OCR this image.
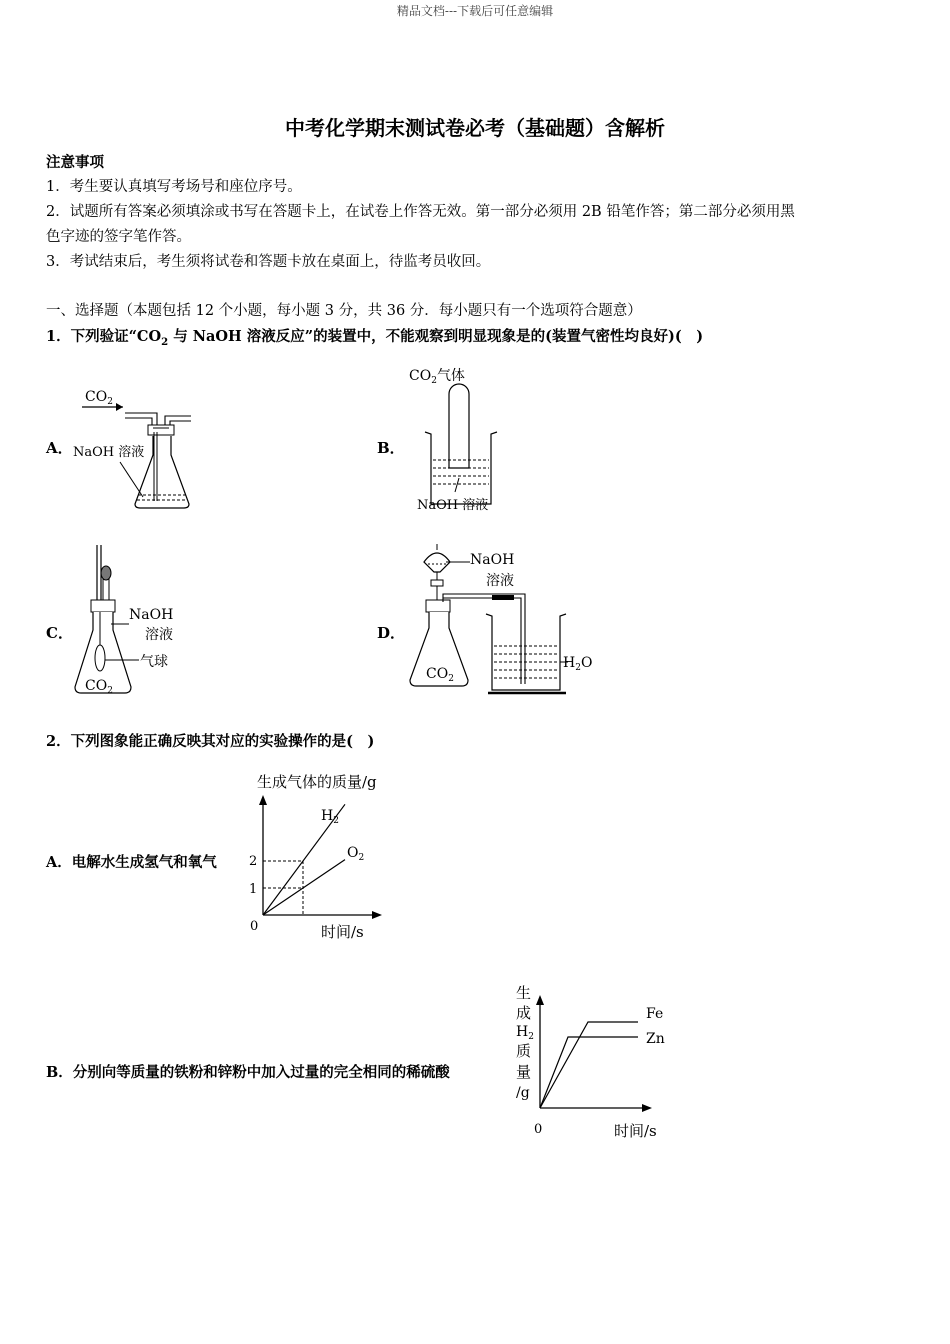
精品文档---下载后可任意编辑
中考化学期末测试卷必考（基础题）含解析
注意事项
1．考生要认真填写考场号和座位序号。
2．试题所有答案必须填涂或书写在答题卡上，在试卷上作答无效。第一部分必须用 2B 铅笔作答；第二部分必须用黑
色字迹的签字笔作答。
3．考试结束后，考生须将试卷和答题卡放在桌面上，待监考员收回。
一、选择题（本题包括 12 个小题，每小题 3 分，共 36 分．每小题只有一个选项符合题意）
1．下列验证“$CO_2$ 与 NaOH 溶液反应”的装置中，不能观察到明显现象是的(装置气密性均良好)(　)
A．
$CO_2$
NaOH 溶液	B．
$CO_2$气体
NaOH 溶液
C．
NaOH
溶液
气球
$CO_2$
D．
NaOH
溶液
$CO_2$
$H_2O$
2．下列图象能正确反映其对应的实验操作的是(　)
A．电解水生成氢气和氧气
生成气体的质量/g
0	时间/s
2
1
$H_2$
$O_2$
B．分别向等质量的铁粉和锌粉中加入过量的完全相同的稀硫酸
生
成
$H_2$
质
量
/g
Fe
Zn
0	时间/s
